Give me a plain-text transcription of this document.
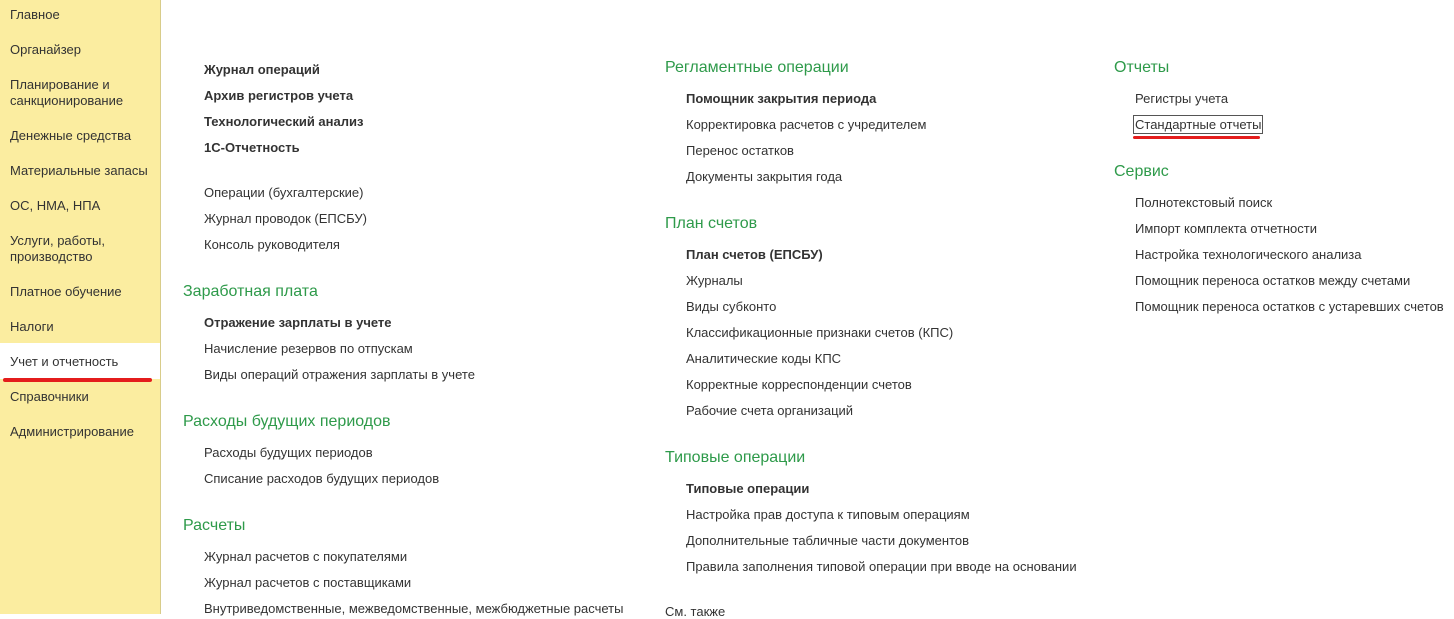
Главное
Органайзер
Планирование и
санкционирование
Денежные средства
Материальные запасы
ОС, НМА, НПА
Услуги, работы,
производство
Платное обучение
Налоги
Учет и отчетность
Справочники
Администрирование
Журнал операций
Архив регистров учета
Технологический анализ
1С-Отчетность
Операции (бухгалтерские)
Журнал проводок (ЕПСБУ)
Консоль руководителя
Заработная плата
Отражение зарплаты в учете
Начисление резервов по отпускам
Виды операций отражения зарплаты в учете
Расходы будущих периодов
Расходы будущих периодов
Списание расходов будущих периодов
Расчеты
Журнал расчетов с покупателями
Журнал расчетов с поставщиками
Внутриведомственные, межведомственные, межбюджетные расчеты
Регламентные операции
Помощник закрытия периода
Корректировка расчетов с учредителем
Перенос остатков
Документы закрытия года
План счетов
План счетов (ЕПСБУ)
Журналы
Виды субконто
Классификационные признаки счетов (КПС)
Аналитические коды КПС
Корректные корреспонденции счетов
Рабочие счета организаций
Типовые операции
Типовые операции
Настройка прав доступа к типовым операциям
Дополнительные табличные части документов
Правила заполнения типовой операции при вводе на основании
См. также
Отчеты
Регистры учета
Стандартные отчеты
Сервис
Полнотекстовый поиск
Импорт комплекта отчетности
Настройка технологического анализа
Помощник переноса остатков между счетами
Помощник переноса остатков с устаревших счетов
